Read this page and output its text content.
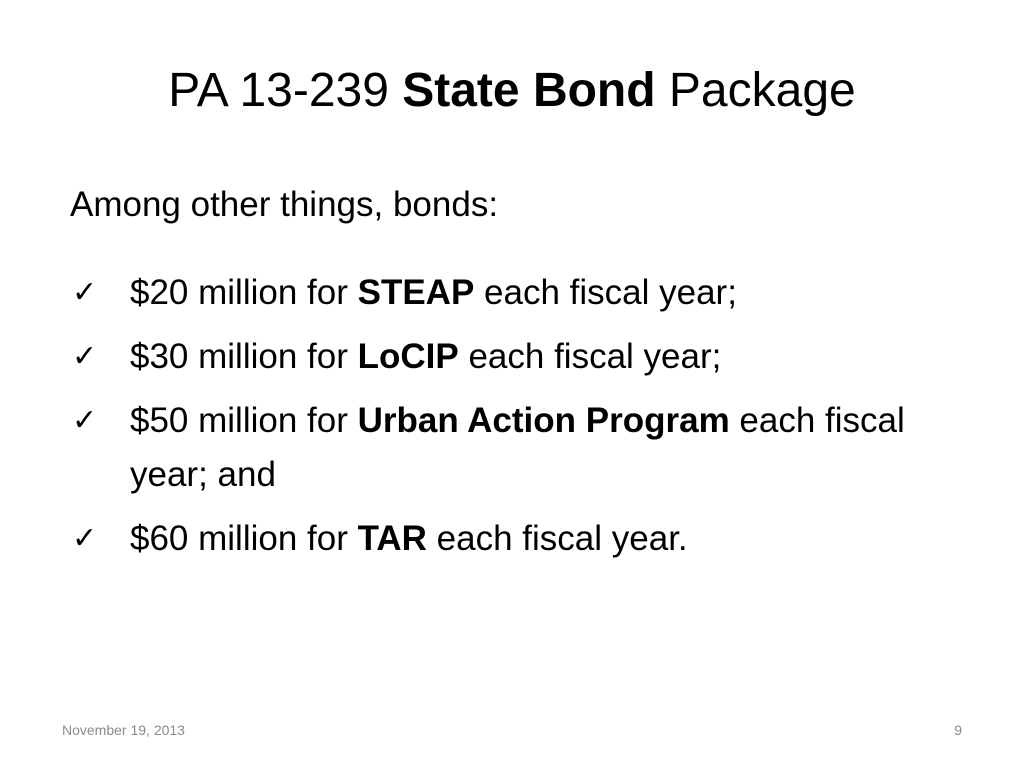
PA 13-239 State Bond Package
Among other things, bonds:
✓ $20 million for STEAP each fiscal year;
✓ $30 million for LoCIP each fiscal year;
✓ $50 million for Urban Action Program each fiscal year; and
✓ $60 million for TAR each fiscal year.
November 19, 2013	9
